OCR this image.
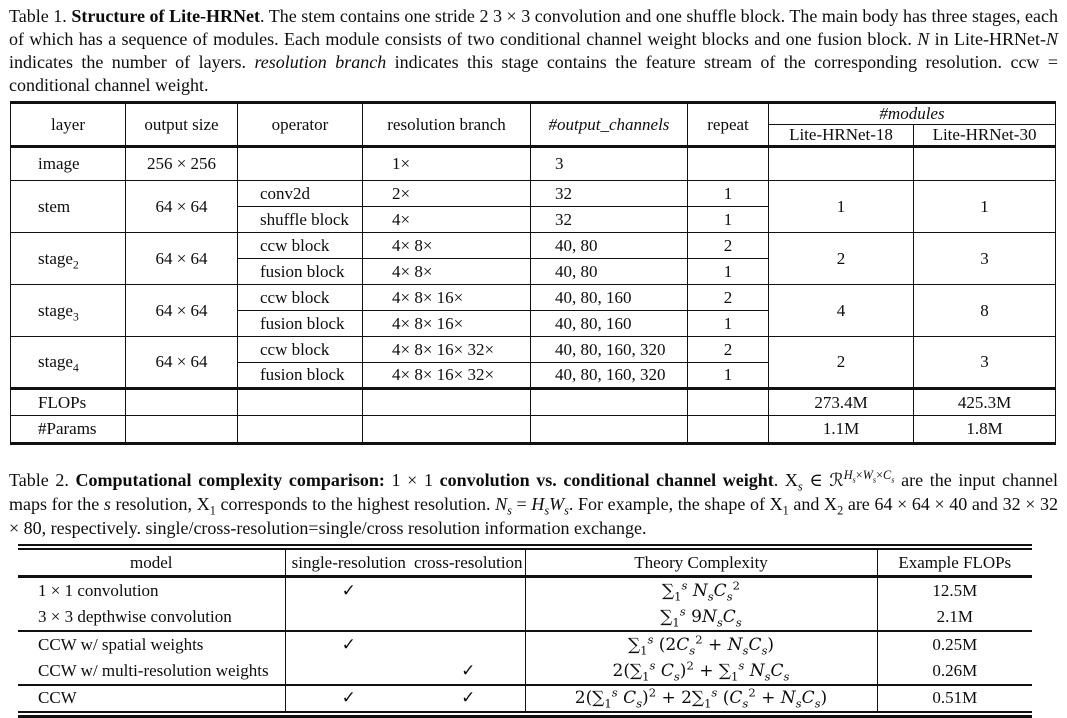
Table 1. Structure of Lite-HRNet. The stem contains one stride 2 3 × 3 convolution and one shuffle block. The main body has three stages, each of which has a sequence of modules. Each module consists of two conditional channel weight blocks and one fusion block. N in Lite-HRNet-N indicates the number of layers. resolution branch indicates this stage contains the feature stream of the corresponding resolution. ccw = conditional channel weight.
layer	output size	operator	resolution branch	#output_channels	repeat	#modules	
						Lite-HRNet-18	Lite-HRNet-30
image	256 × 256		1×	3			
stem	64 × 64	conv2d	2×	32	1	1	1
		shuffle block	4×	32	1		
stage$_2$	64 × 64	ccw block	4× 8×	40, 80	2	2	3
		fusion block	4× 8×	40, 80	1		
stage$_3$	64 × 64	ccw block	4× 8× 16×	40, 80, 160	2	4	8
		fusion block	4× 8× 16×	40, 80, 160	1		
stage$_4$	64 × 64	ccw block	4× 8× 16× 32×	40, 80, 160, 320	2	2	3
		fusion block	4× 8× 16× 32×	40, 80, 160, 320	1		
FLOPs						273.4M	425.3M
#Params						1.1M	1.8M
Table 2. Computational complexity comparison: 1 × 1 convolution vs. conditional channel weight. $X_s$ ∈ ℛ$^{H_s\times W_s\times C_s}$ are the input channel maps for the s resolution, $X_1$ corresponds to the highest resolution. $N_s = H_sW_s$. For example, the shape of $X_1$ and $X_2$ are 64 × 64 × 40 and 32 × 32 × 80, respectively. single/cross-resolution=single/cross resolution information exchange.
model	single-resolution	cross-resolution	Theory Complexity	Example FLOPs
1 × 1 convolution	✓		$\sum_1^s$ $N_sC_s^2$	12.5M
3 × 3 depthwise convolution			$\sum_1^s$ $9N_sC_s$	2.1M
CCW w/ spatial weights	✓		$\sum_1^s$ $(2C_s^2 + N_sC_s)$	0.25M
CCW w/ multi-resolution weights		✓	$2(\sum_1^s$ $C_s)^2 + \sum_1^s$ $N_sC_s$	0.26M
CCW	✓	✓	$2(\sum_1^s$ $C_s)^2 + 2\sum_1^s$ $(C_s^2 + N_sC_s)$	0.51M
